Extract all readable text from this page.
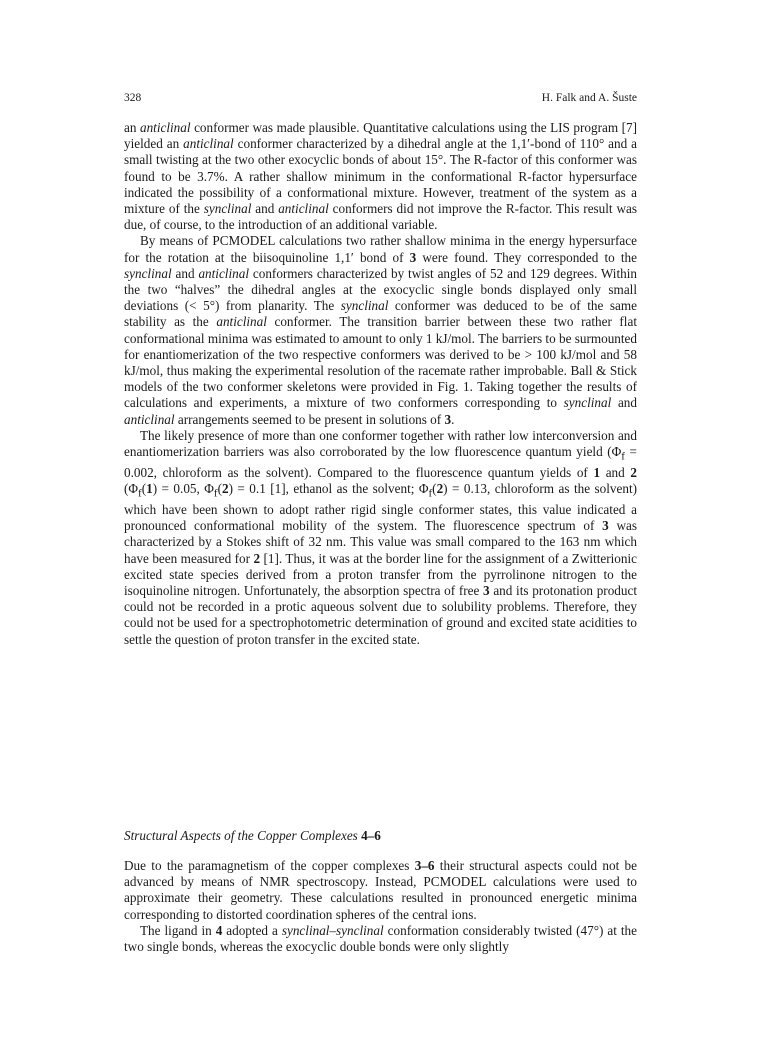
328	H. Falk and A. Šuste

an anticlinal conformer was made plausible. Quantitative calculations using the LIS program [7] yielded an anticlinal conformer characterized by a dihedral angle at the 1,1′-bond of 110° and a small twisting at the two other exocyclic bonds of about 15°. The R-factor of this conformer was found to be 3.7%. A rather shallow minimum in the conformational R-factor hypersurface indicated the possibility of a conformational mixture. However, treatment of the system as a mixture of the synclinal and anticlinal conformers did not improve the R-factor. This result was due, of course, to the introduction of an additional variable.

By means of PCMODEL calculations two rather shallow minima in the energy hypersurface for the rotation at the biisoquinoline 1,1′ bond of 3 were found. They corresponded to the synclinal and anticlinal conformers characterized by twist angles of 52 and 129 degrees. Within the two “halves” the dihedral angles at the exocyclic single bonds displayed only small deviations (< 5°) from planarity. The synclinal conformer was deduced to be of the same stability as the anticlinal conformer. The transition barrier between these two rather flat conformational minima was estimated to amount to only 1 kJ/mol. The barriers to be surmounted for enantiomerization of the two respective conformers was derived to be > 100 kJ/mol and 58 kJ/mol, thus making the experimental resolution of the racemate rather improbable. Ball & Stick models of the two conformer skeletons were provided in Fig. 1. Taking together the results of calculations and experiments, a mixture of two conformers corresponding to synclinal and anticlinal arrangements seemed to be present in solutions of 3.

The likely presence of more than one conformer together with rather low interconversion and enantiomerization barriers was also corroborated by the low fluorescence quantum yield ($\Phi_f = 0.002$, chloroform as the solvent). Compared to the fluorescence quantum yields of 1 and 2 ($\Phi_f(1) = 0.05$, $\Phi_f(2) = 0.1$ [1], ethanol as the solvent; $\Phi_f(2) = 0.13$, chloroform as the solvent) which have been shown to adopt rather rigid single conformer states, this value indicated a pronounced conformational mobility of the system. The fluorescence spectrum of 3 was characterized by a Stokes shift of 32 nm. This value was small compared to the 163 nm which have been measured for 2 [1]. Thus, it was at the border line for the assignment of a Zwitterionic excited state species derived from a proton transfer from the pyrrolinone nitrogen to the isoquinoline nitrogen. Unfortunately, the absorption spectra of free 3 and its protonation product could not be recorded in a protic aqueous solvent due to solubility problems. Therefore, they could not be used for a spectrophotometric determination of ground and excited state acidities to settle the question of proton transfer in the excited state.

Structural Aspects of the Copper Complexes 4–6

Due to the paramagnetism of the copper complexes 3–6 their structural aspects could not be advanced by means of NMR spectroscopy. Instead, PCMODEL calculations were used to approximate their geometry. These calculations resulted in pronounced energetic minima corresponding to distorted coordination spheres of the central ions.

The ligand in 4 adopted a synclinal–synclinal conformation considerably twisted (47°) at the two single bonds, whereas the exocyclic double bonds were only slightly
